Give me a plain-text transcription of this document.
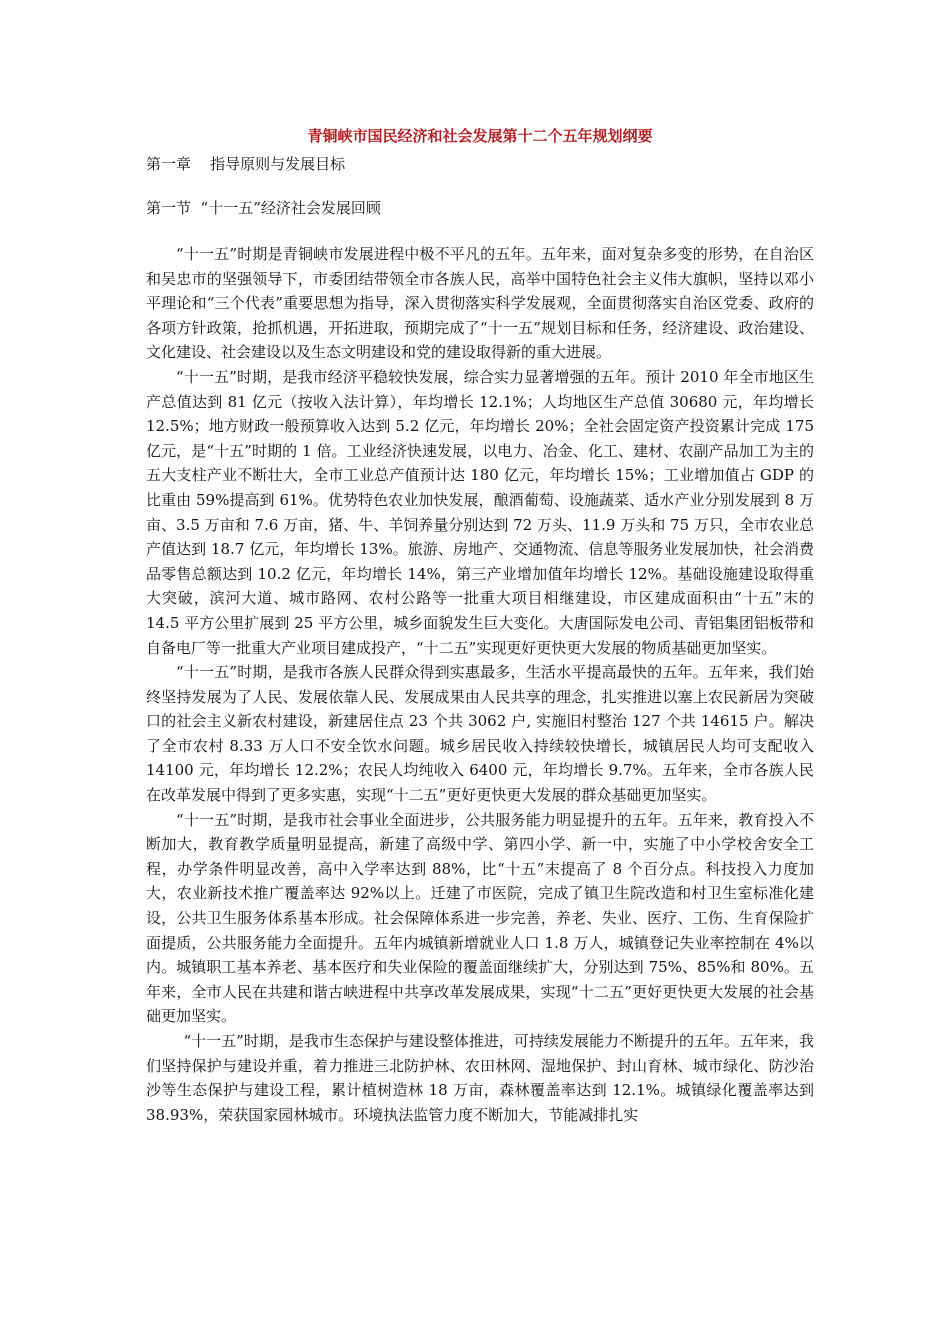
青铜峡市国民经济和社会发展第十二个五年规划纲要

第一章    指导原则与发展目标

第一节  “十一五”经济社会发展回顾

“十一五”时期是青铜峡市发展进程中极不平凡的五年。五年来，面对复杂多变的形势，在自治区和吴忠市的坚强领导下，市委团结带领全市各族人民，高举中国特色社会主义伟大旗帜，坚持以邓小平理论和“三个代表”重要思想为指导，深入贯彻落实科学发展观，全面贯彻落实自治区党委、政府的各项方针政策，抢抓机遇，开拓进取，预期完成了“十一五”规划目标和任务，经济建设、政治建设、文化建设、社会建设以及生态文明建设和党的建设取得新的重大进展。

“十一五”时期，是我市经济平稳较快发展，综合实力显著增强的五年。预计 2010 年全市地区生产总值达到 81 亿元（按收入法计算），年均增长 12.1%；人均地区生产总值 30680 元，年均增长 12.5%；地方财政一般预算收入达到 5.2 亿元，年均增长 20%；全社会固定资产投资累计完成 175 亿元，是“十五”时期的 1 倍。工业经济快速发展，以电力、冶金、化工、建材、农副产品加工为主的五大支柱产业不断壮大，全市工业总产值预计达 180 亿元，年均增长 15%；工业增加值占 GDP 的比重由 59%提高到 61%。优势特色农业加快发展，酿酒葡萄、设施蔬菜、适水产业分别发展到 8 万亩、3.5 万亩和 7.6 万亩，猪、牛、羊饲养量分别达到 72 万头、11.9 万头和 75 万只，全市农业总产值达到 18.7 亿元，年均增长 13%。旅游、房地产、交通物流、信息等服务业发展加快，社会消费品零售总额达到 10.2 亿元，年均增长 14%，第三产业增加值年均增长 12%。基础设施建设取得重大突破，滨河大道、城市路网、农村公路等一批重大项目相继建设，市区建成面积由“十五”末的 14.5 平方公里扩展到 25 平方公里，城乡面貌发生巨大变化。大唐国际发电公司、青铝集团铝板带和自备电厂等一批重大产业项目建成投产，“十二五”实现更好更快更大发展的物质基础更加坚实。

“十一五”时期，是我市各族人民群众得到实惠最多，生活水平提高最快的五年。五年来，我们始终坚持发展为了人民、发展依靠人民、发展成果由人民共享的理念，扎实推进以塞上农民新居为突破口的社会主义新农村建设，新建居住点 23 个共 3062 户, 实施旧村整治 127 个共 14615 户。解决了全市农村 8.33 万人口不安全饮水问题。城乡居民收入持续较快增长，城镇居民人均可支配收入 14100 元，年均增长 12.2%；农民人均纯收入 6400 元，年均增长 9.7%。五年来，全市各族人民在改革发展中得到了更多实惠，实现“十二五”更好更快更大发展的群众基础更加坚实。

“十一五”时期，是我市社会事业全面进步，公共服务能力明显提升的五年。五年来，教育投入不断加大，教育教学质量明显提高，新建了高级中学、第四小学、新一中，实施了中小学校舍安全工程，办学条件明显改善，高中入学率达到 88%，比“十五”末提高了 8 个百分点。科技投入力度加大，农业新技术推广覆盖率达 92%以上。迁建了市医院，完成了镇卫生院改造和村卫生室标准化建设，公共卫生服务体系基本形成。社会保障体系进一步完善，养老、失业、医疗、工伤、生育保险扩面提质，公共服务能力全面提升。五年内城镇新增就业人口 1.8 万人，城镇登记失业率控制在 4%以内。城镇职工基本养老、基本医疗和失业保险的覆盖面继续扩大，分别达到 75%、85%和 80%。五年来，全市人民在共建和谐古峡进程中共享改革发展成果，实现“十二五”更好更快更大发展的社会基础更加坚实。

“十一五”时期，是我市生态保护与建设整体推进，可持续发展能力不断提升的五年。五年来，我们坚持保护与建设并重，着力推进三北防护林、农田林网、湿地保护、封山育林、城市绿化、防沙治沙等生态保护与建设工程，累计植树造林 18 万亩，森林覆盖率达到 12.1%。城镇绿化覆盖率达到 38.93%，荣获国家园林城市。环境执法监管力度不断加大，节能减排扎实
